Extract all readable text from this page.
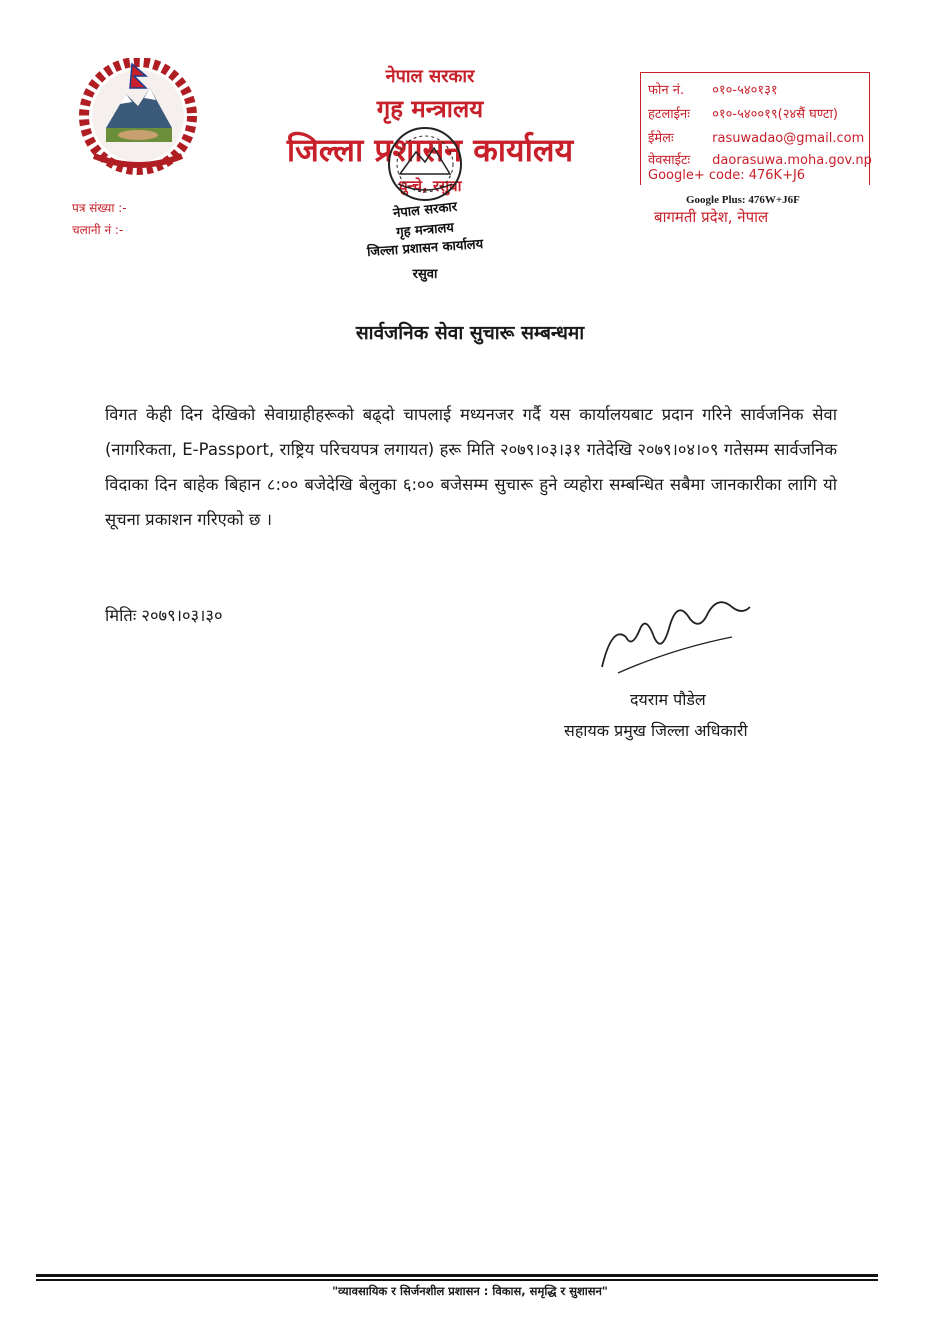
पत्र संख्या :-
चलानी नं :-
नेपाल सरकार
गृह मन्त्रालय
जिल्ला प्रशासन कार्यालय
धुन्चे, रसुवा
नेपाल सरकार
गृह मन्त्रालय
जिल्ला प्रशासन कार्यालय
रसुवा
फोन नं. ०१०-५४०१३१
हटलाईनः ०१०-५४००१९(२४सैं घण्टा)
ईमेलः	rasuwadao@gmail.com
वेवसाईटः daorasuwa.moha.gov.np
Google+ code: 476K+J6
Google Plus: 476W+J6F
बागमती प्रदेश, नेपाल
सार्वजनिक सेवा सुचारू सम्बन्धमा
विगत केही दिन देखिको सेवाग्राहीहरूको बढ्दो चापलाई मध्यनजर गर्दै यस कार्यालयबाट प्रदान गरिने सार्वजनिक सेवा (नागरिकता, E-Passport, राष्ट्रिय परिचयपत्र लगायत) हरू मिति २०७९।०३।३१ गतेदेखि २०७९।०४।०९ गतेसम्म सार्वजनिक विदाका दिन बाहेक बिहान ८:०० बजेदेखि बेलुका ६:०० बजेसम्म सुचारू हुने व्यहोरा सम्बन्धित सबैमा जानकारीका लागि यो सूचना प्रकाशन गरिएको छ ।
मितिः २०७९।०३।३०
दयराम पौडेल
सहायक प्रमुख जिल्ला अधिकारी
"व्यावसायिक र सिर्जनशील प्रशासन : विकास, समृद्धि र सुशासन"
